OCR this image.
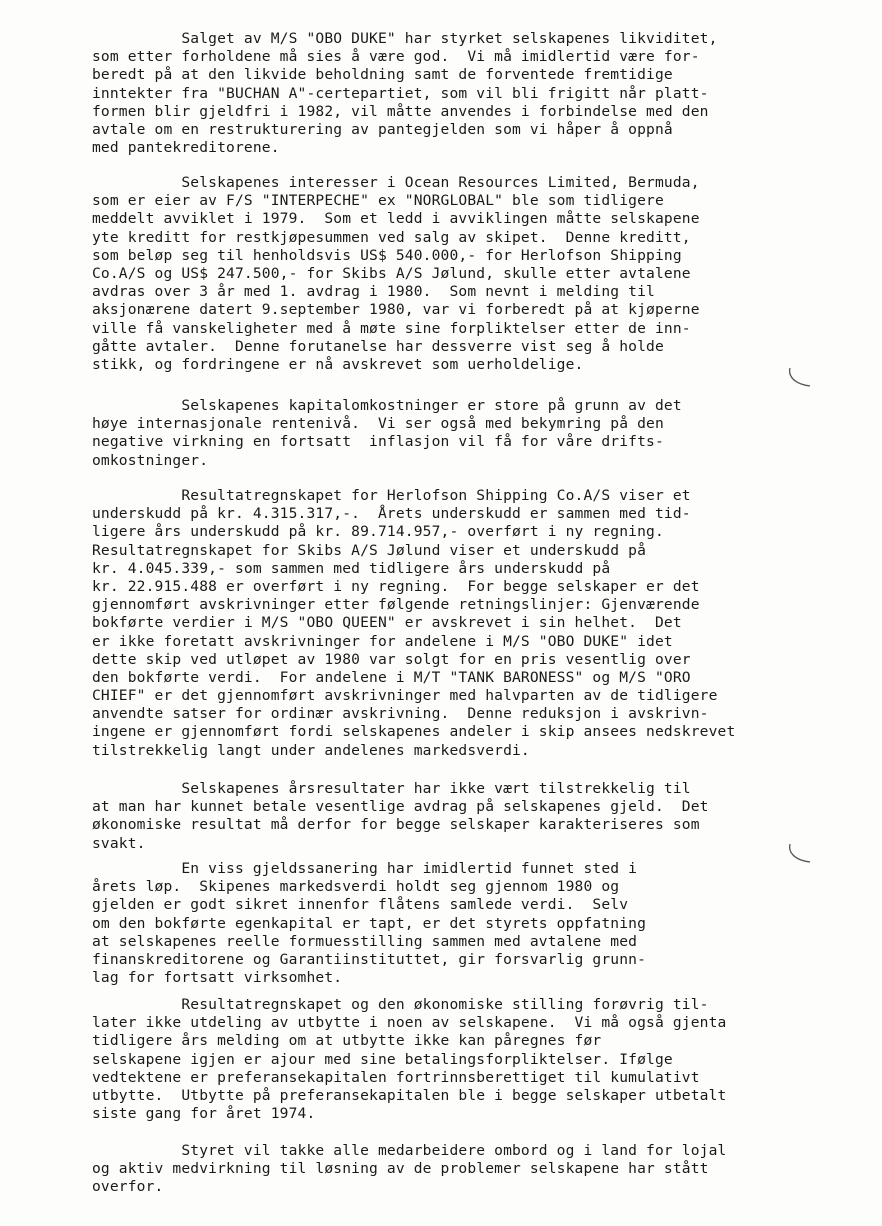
Salget av M/S "OBO DUKE" har styrket selskapenes likviditet,
som etter forholdene må sies å være god.  Vi må imidlertid være for-
beredt på at den likvide beholdning samt de forventede fremtidige
inntekter fra "BUCHAN A"-certepartiet, som vil bli frigitt når platt-
formen blir gjeldfri i 1982, vil måtte anvendes i forbindelse med den
avtale om en restrukturering av pantegjelden som vi håper å oppnå
med pantekreditorene.
Selskapenes interesser i Ocean Resources Limited, Bermuda,
som er eier av F/S "INTERPECHE" ex "NORGLOBAL" ble som tidligere
meddelt avviklet i 1979.  Som et ledd i avviklingen måtte selskapene
yte kreditt for restkjøpesummen ved salg av skipet.  Denne kreditt,
som beløp seg til henholdsvis US$ 540.000,- for Herlofson Shipping
Co.A/S og US$ 247.500,- for Skibs A/S Jølund, skulle etter avtalene
avdras over 3 år med 1. avdrag i 1980.  Som nevnt i melding til
aksjonærene datert 9.september 1980, var vi forberedt på at kjøperne
ville få vanskeligheter med å møte sine forpliktelser etter de inn-
gåtte avtaler.  Denne forutanelse har dessverre vist seg å holde
stikk, og fordringene er nå avskrevet som uerholdelige.
Selskapenes kapitalomkostninger er store på grunn av det
høye internasjonale rentenivå.  Vi ser også med bekymring på den
negative virkning en fortsatt  inflasjon vil få for våre drifts-
omkostninger.
Resultatregnskapet for Herlofson Shipping Co.A/S viser et
underskudd på kr. 4.315.317,-.  Årets underskudd er sammen med tid-
ligere års underskudd på kr. 89.714.957,- overført i ny regning.
Resultatregnskapet for Skibs A/S Jølund viser et underskudd på
kr. 4.045.339,- som sammen med tidligere års underskudd på
kr. 22.915.488 er overført i ny regning.  For begge selskaper er det
gjennomført avskrivninger etter følgende retningslinjer: Gjenværende
bokførte verdier i M/S "OBO QUEEN" er avskrevet i sin helhet.  Det
er ikke foretatt avskrivninger for andelene i M/S "OBO DUKE" idet
dette skip ved utløpet av 1980 var solgt for en pris vesentlig over
den bokførte verdi.  For andelene i M/T "TANK BARONESS" og M/S "ORO
CHIEF" er det gjennomført avskrivninger med halvparten av de tidligere
anvendte satser for ordinær avskrivning.  Denne reduksjon i avskrivn-
ingene er gjennomført fordi selskapenes andeler i skip ansees nedskrevet
tilstrekkelig langt under andelenes markedsverdi.
Selskapenes årsresultater har ikke vært tilstrekkelig til
at man har kunnet betale vesentlige avdrag på selskapenes gjeld.  Det
økonomiske resultat må derfor for begge selskaper karakteriseres som
svakt.
En viss gjeldssanering har imidlertid funnet sted i
årets løp.  Skipenes markedsverdi holdt seg gjennom 1980 og
gjelden er godt sikret innenfor flåtens samlede verdi.  Selv
om den bokførte egenkapital er tapt, er det styrets oppfatning
at selskapenes reelle formuesstilling sammen med avtalene med
finanskreditorene og Garantiinstituttet, gir forsvarlig grunn-
lag for fortsatt virksomhet.
Resultatregnskapet og den økonomiske stilling forøvrig til-
later ikke utdeling av utbytte i noen av selskapene.  Vi må også gjenta
tidligere års melding om at utbytte ikke kan påregnes før
selskapene igjen er ajour med sine betalingsforpliktelser. Ifølge
vedtektene er preferansekapitalen fortrinnsberettiget til kumulativt
utbytte.  Utbytte på preferansekapitalen ble i begge selskaper utbetalt
siste gang for året 1974.
Styret vil takke alle medarbeidere ombord og i land for lojal
og aktiv medvirkning til løsning av de problemer selskapene har stått
overfor.
